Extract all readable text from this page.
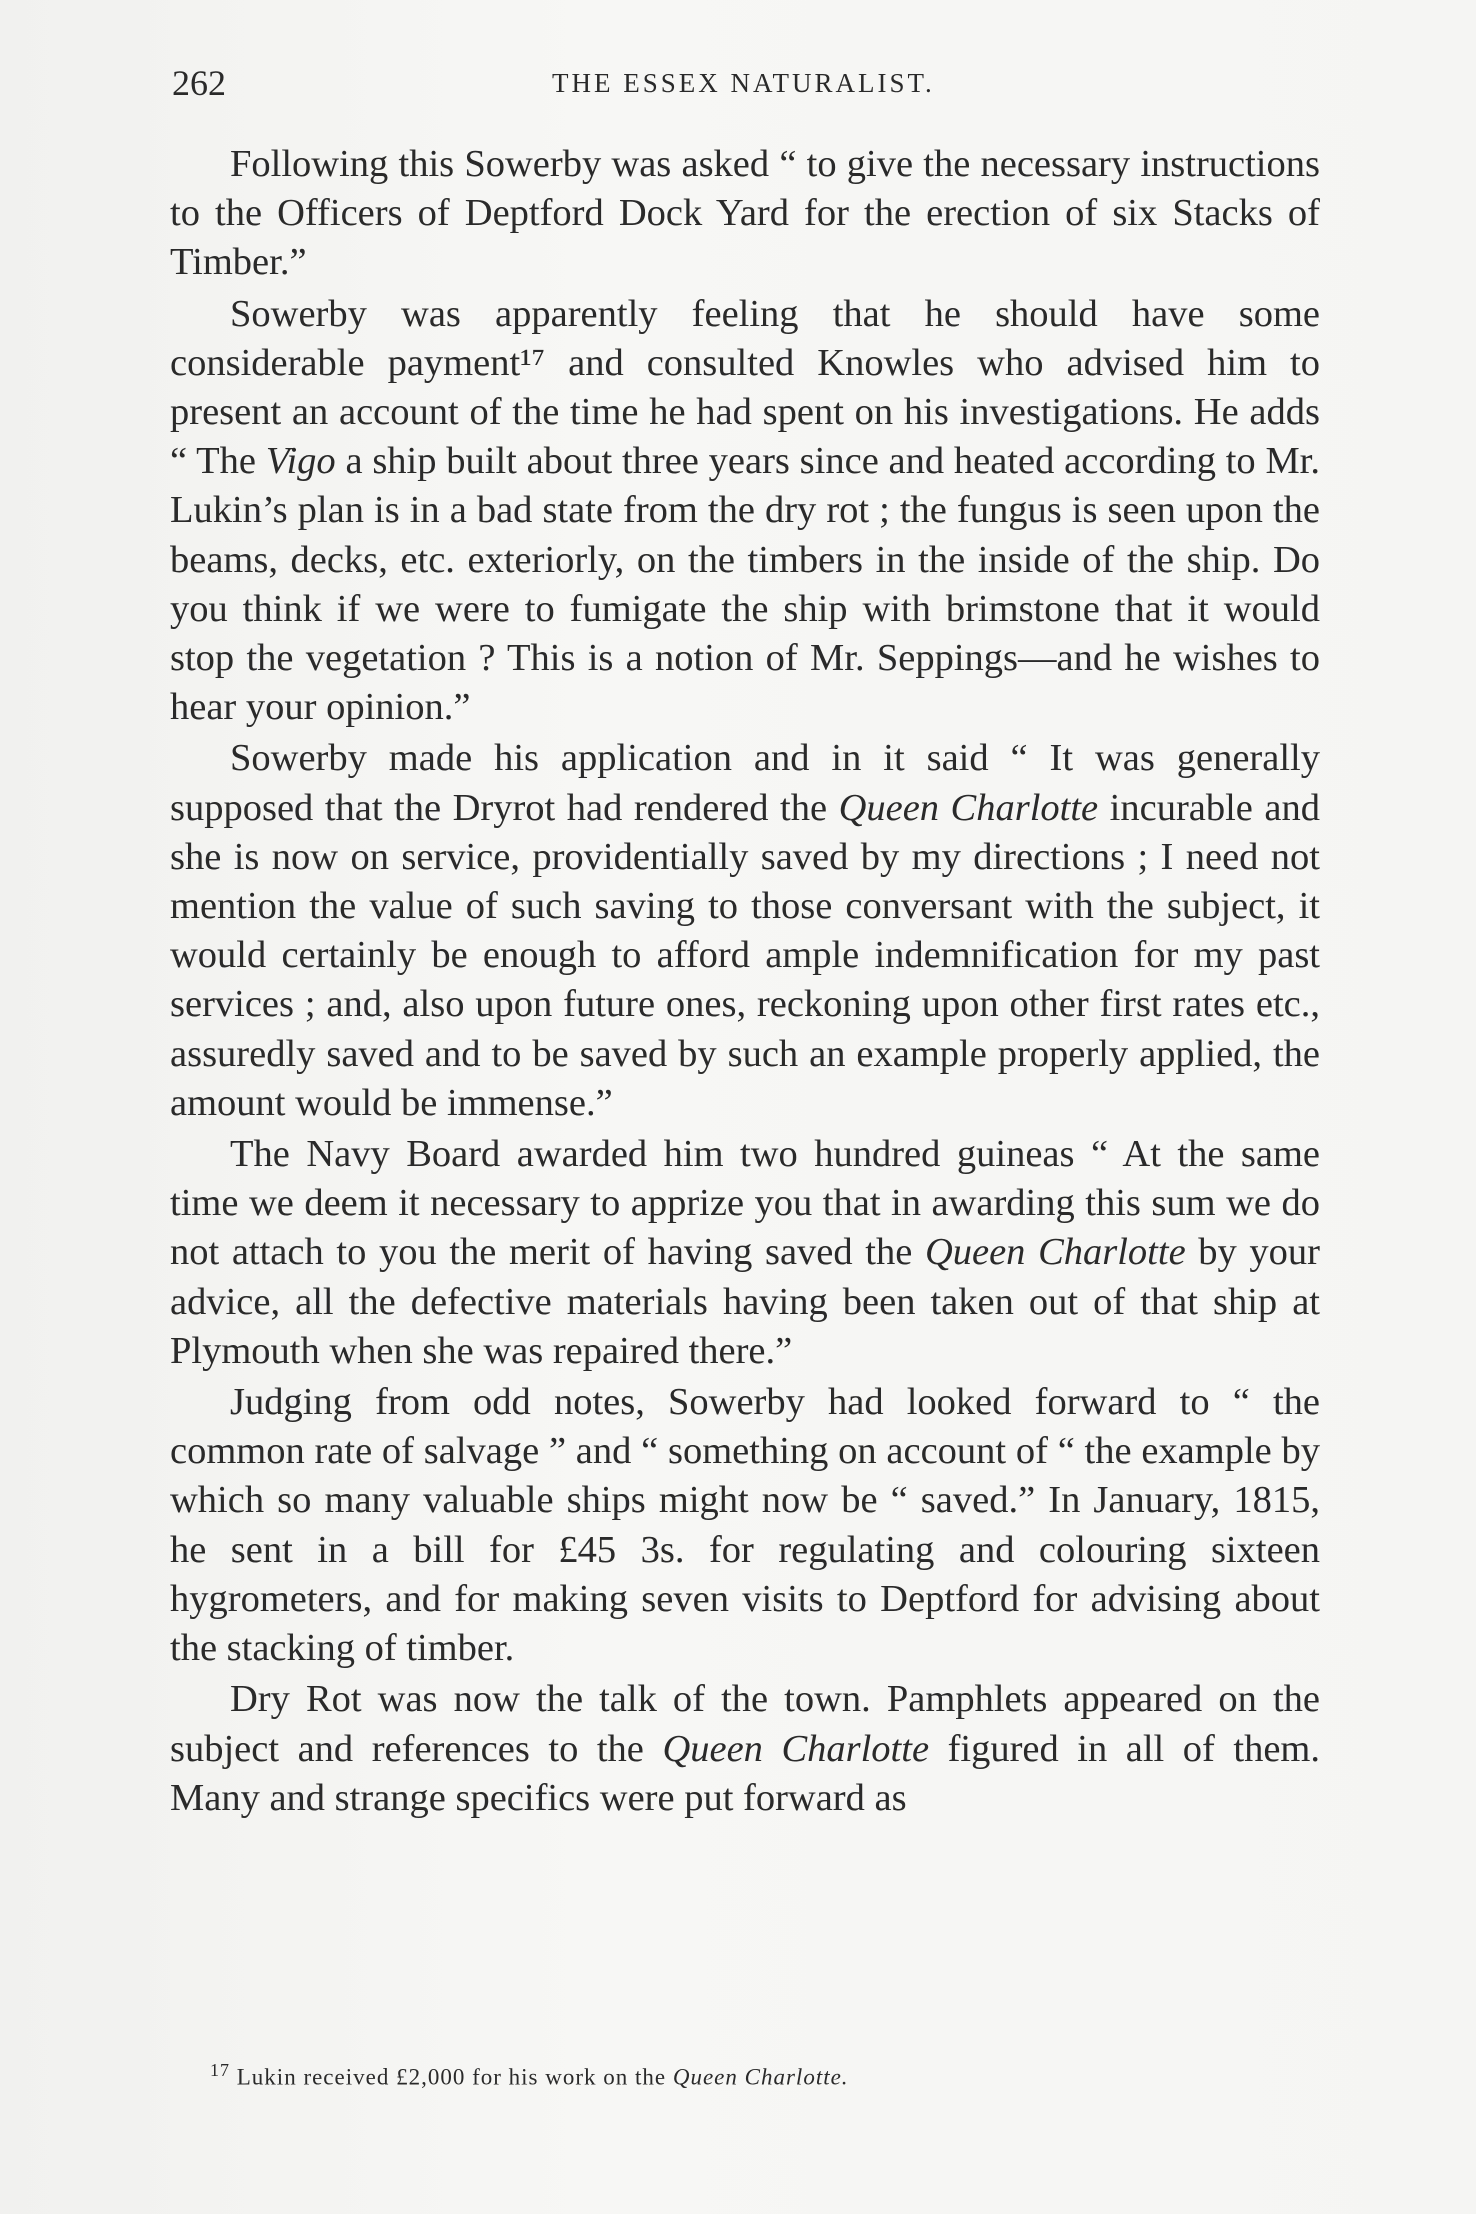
262	THE ESSEX NATURALIST.

Following this Sowerby was asked “ to give the necessary instructions to the Officers of Deptford Dock Yard for the erection of six Stacks of Timber.”

Sowerby was apparently feeling that he should have some considerable payment¹⁷ and consulted Knowles who advised him to present an account of the time he had spent on his investigations. He adds “ The Vigo a ship built about three years since and heated according to Mr. Lukin’s plan is in a bad state from the dry rot ; the fungus is seen upon the beams, decks, etc. exteriorly, on the timbers in the inside of the ship. Do you think if we were to fumigate the ship with brimstone that it would stop the vegetation ? This is a notion of Mr. Seppings—and he wishes to hear your opinion.”

Sowerby made his application and in it said “ It was generally supposed that the Dryrot had rendered the Queen Charlotte incurable and she is now on service, providentially saved by my directions ; I need not mention the value of such saving to those conversant with the subject, it would certainly be enough to afford ample indemnification for my past services ; and, also upon future ones, reckoning upon other first rates etc., assuredly saved and to be saved by such an example properly applied, the amount would be immense.”

The Navy Board awarded him two hundred guineas “ At the same time we deem it necessary to apprize you that in awarding this sum we do not attach to you the merit of having saved the Queen Charlotte by your advice, all the defective materials having been taken out of that ship at Plymouth when she was repaired there.”

Judging from odd notes, Sowerby had looked forward to “ the common rate of salvage ” and “ something on account of “ the example by which so many valuable ships might now be “ saved.” In January, 1815, he sent in a bill for £45 3s. for regulating and colouring sixteen hygrometers, and for making seven visits to Deptford for advising about the stacking of timber.

Dry Rot was now the talk of the town. Pamphlets appeared on the subject and references to the Queen Charlotte figured in all of them. Many and strange specifics were put forward as

$^{17}$ Lukin received £2,000 for his work on the Queen Charlotte.
